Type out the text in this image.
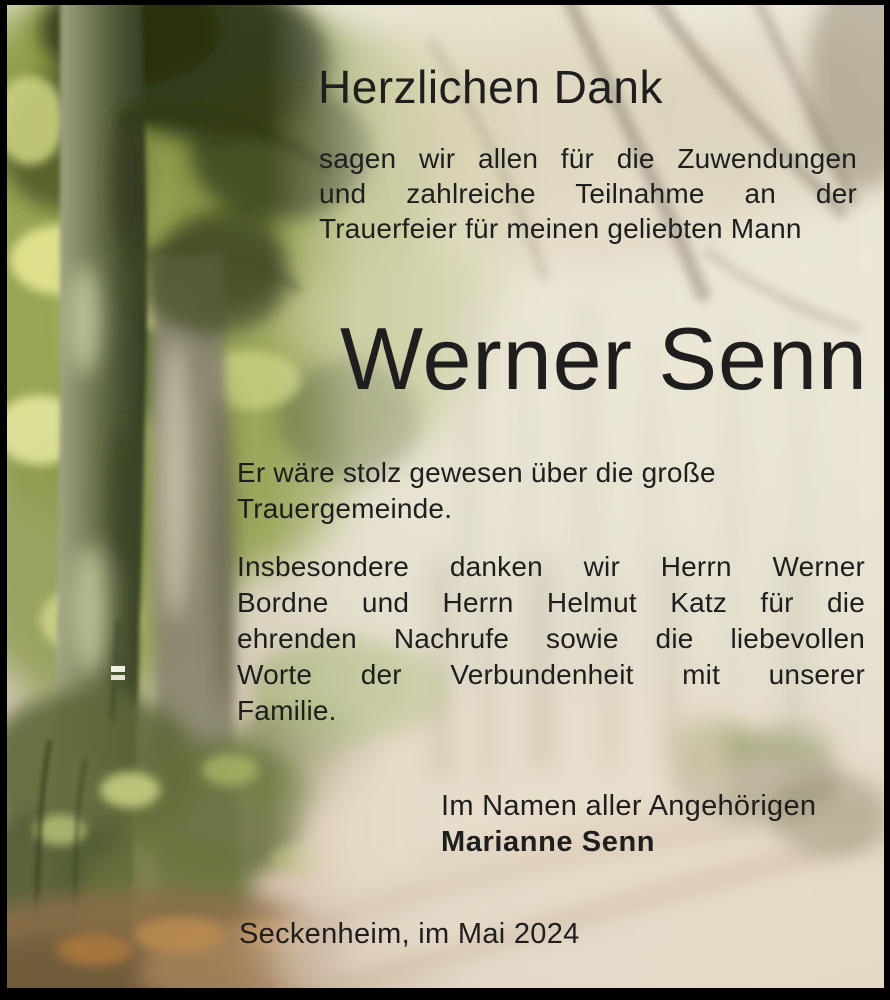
Herzlichen Dank
sagen wir allen für die Zuwendungen
und zahlreiche Teilnahme an der
Trauerfeier für meinen geliebten Mann
Werner Senn
Er wäre stolz gewesen über die große
Trauergemeinde.
Insbesondere danken wir Herrn Werner
Bordne und Herrn Helmut Katz für die
ehrenden Nachrufe sowie die liebevollen
Worte der Verbundenheit mit unserer
Familie.
Im Namen aller Angehörigen
Marianne Senn
Seckenheim, im Mai 2024
